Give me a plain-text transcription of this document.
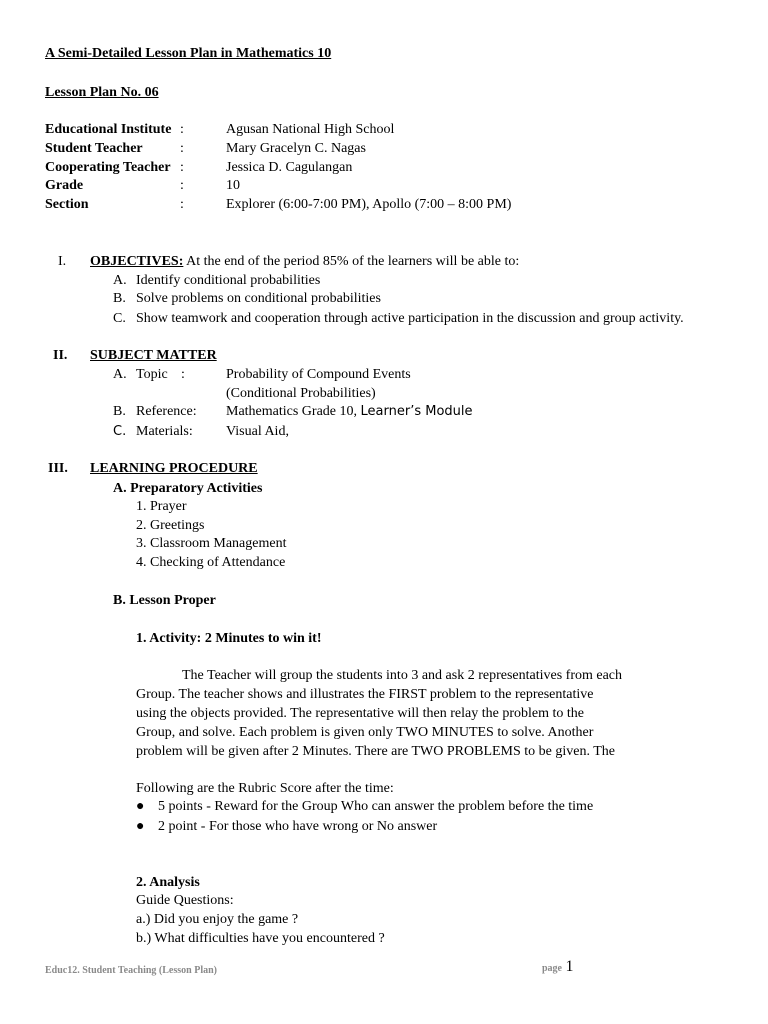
A Semi-Detailed Lesson Plan in Mathematics 10
Lesson Plan No. 06
Educational Institute :	Agusan National High School
Student Teacher	:	Mary Gracelyn C. Nagas
Cooperating Teacher :	Jessica D. Cagulangan
Grade	:	10
Section	:	Explorer (6:00-7:00 PM), Apollo (7:00 – 8:00 PM)
I. OBJECTIVES: At the end of the period 85% of the learners will be able to:
A. Identify conditional probabilities
B. Solve problems on conditional probabilities
C. Show teamwork and cooperation through active participation in the discussion and group activity.
II. SUBJECT MATTER
A. Topic :	Probability of Compound Events
(Conditional Probabilities)
B. Reference: Mathematics Grade 10, Learner’s Module
C. Materials: Visual Aid,
III. LEARNING PROCEDURE
A. Preparatory Activities
1. Prayer
2. Greetings
3. Classroom Management
4. Checking of Attendance
B. Lesson Proper
1. Activity: 2 Minutes to win it!
The Teacher will group the students into 3 and ask 2 representatives from each
Group. The teacher shows and illustrates the FIRST problem to the representative
using the objects provided. The representative will then relay the problem to the
Group, and solve. Each problem is given only TWO MINUTES to solve. Another
problem will be given after 2 Minutes. There are TWO PROBLEMS to be given. The
Following are the Rubric Score after the time:
● 5 points - Reward for the Group Who can answer the problem before the time
● 2 point - For those who have wrong or No answer
2. Analysis
Guide Questions:
a.) Did you enjoy the game ?
b.) What difficulties have you encountered ?
Educ12. Student Teaching (Lesson Plan)	page 1
